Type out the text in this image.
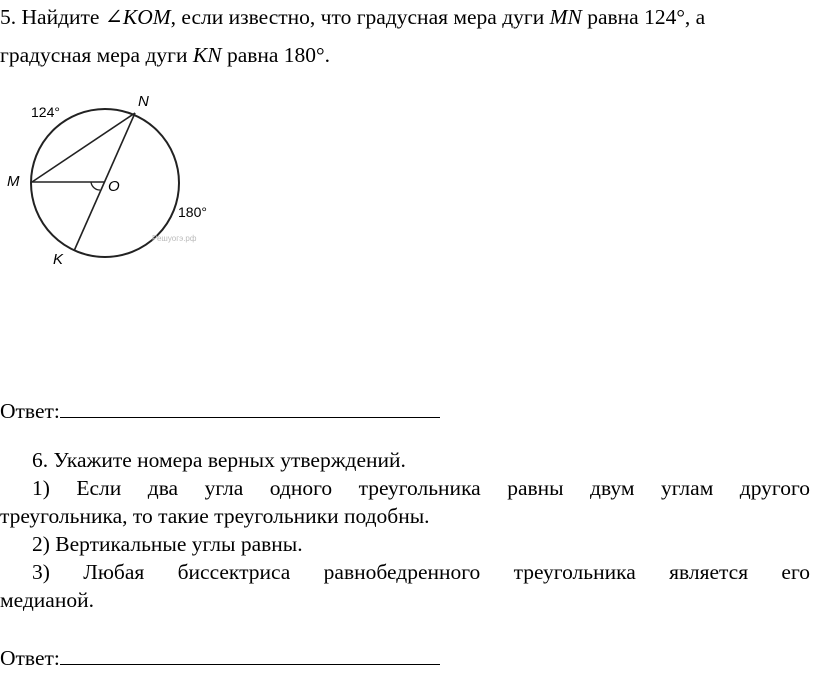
5. Найдите ∠KOM, если известно, что градусная мера дуги MN равна 124°, а
градусная мера дуги KN равна 180°.
N
M	O
K
124°
180°
Решуогэ.рф
Ответ:
6. Укажите номера верных утверждений.
1) Если два угла одного треугольника равны двум углам другого
треугольника, то такие треугольники подобны.
2) Вертикальные углы равны.
3) Любая биссектриса равнобедренного треугольника является его
медианой.
Ответ:
